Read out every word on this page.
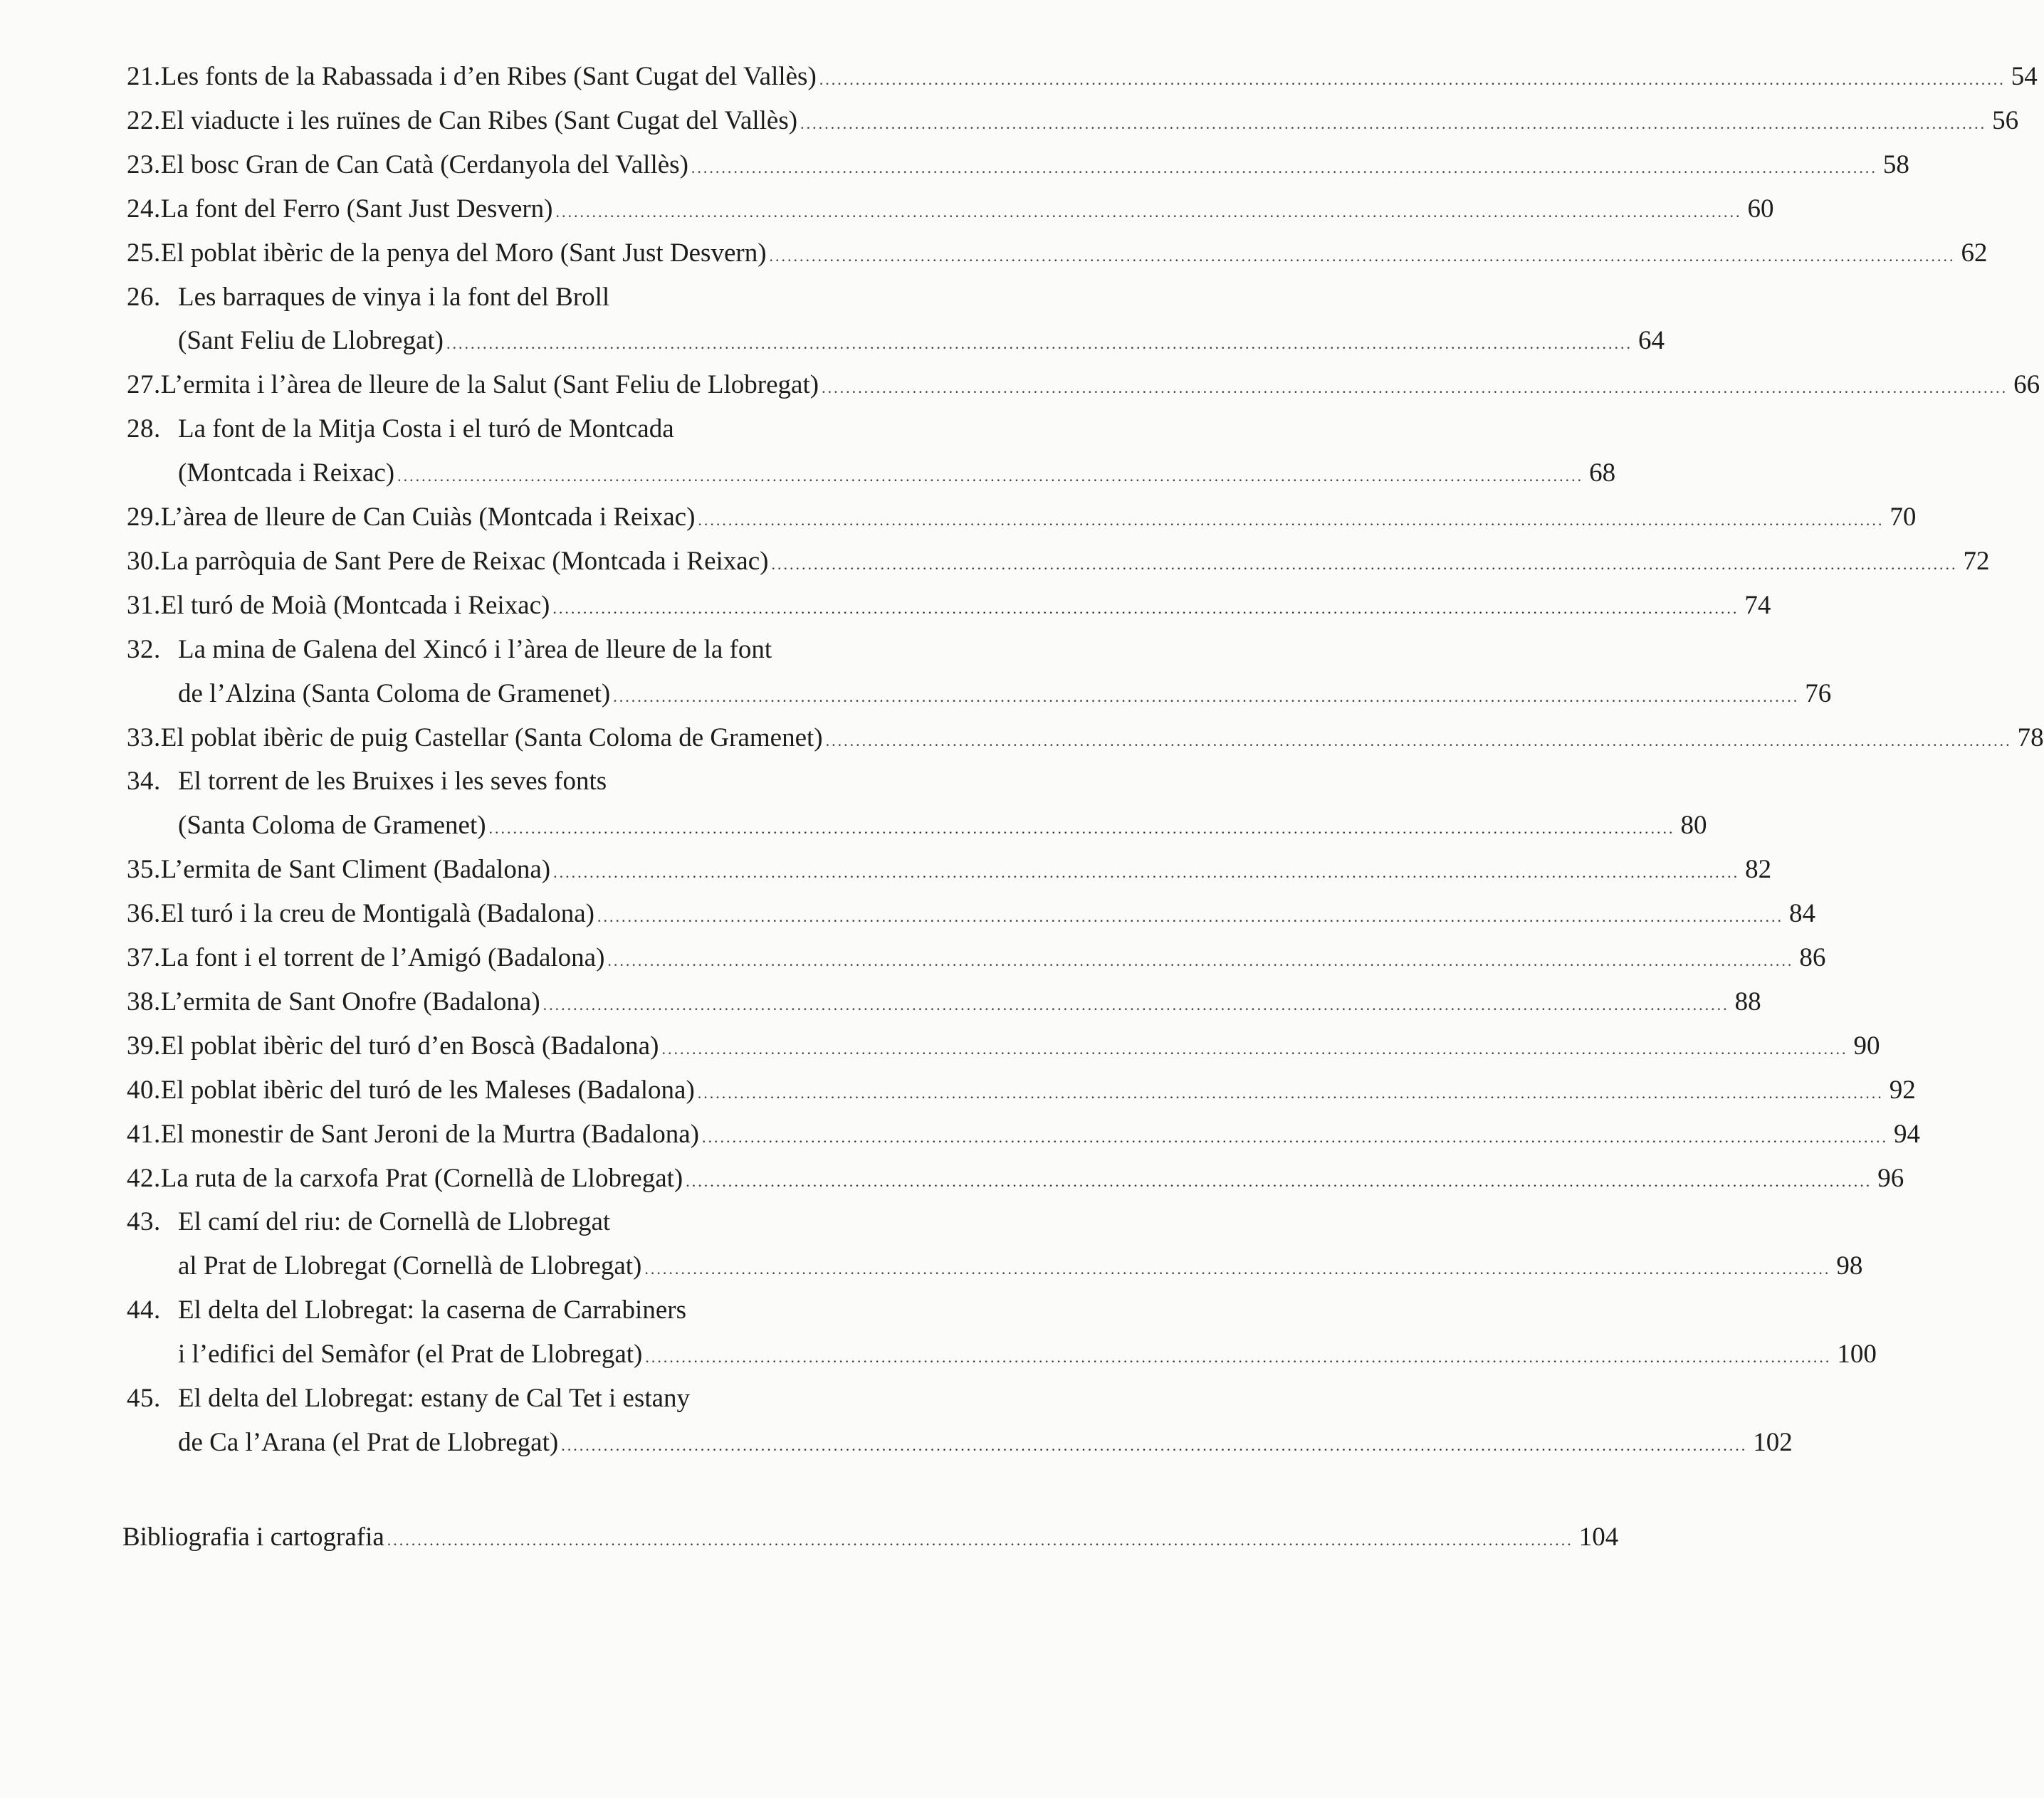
21. Les fonts de la Rabassada i d’en Ribes (Sant Cugat del Vallès) .....	54
22. El viaducte i les ruïnes de Can Ribes (Sant Cugat del Vallès) .....	56
23. El bosc Gran de Can Catà (Cerdanyola del Vallès) .....	58
24. La font del Ferro (Sant Just Desvern) .....	60
25. El poblat ibèric de la penya del Moro (Sant Just Desvern) .....	62
26. Les barraques de vinya i la font del Broll
(Sant Feliu de Llobregat) .....	64
27. L’ermita i l’àrea de lleure de la Salut (Sant Feliu de Llobregat) .....	66
28. La font de la Mitja Costa i el turó de Montcada
(Montcada i Reixac) .....	68
29. L’àrea de lleure de Can Cuiàs (Montcada i Reixac) .....	70
30. La parròquia de Sant Pere de Reixac (Montcada i Reixac) .....	72
31. El turó de Moià (Montcada i Reixac) .....	74
32. La mina de Galena del Xincó i l’àrea de lleure de la font
de l’Alzina (Santa Coloma de Gramenet) .....	76
33. El poblat ibèric de puig Castellar (Santa Coloma de Gramenet) .....	78
34. El torrent de les Bruixes i les seves fonts
(Santa Coloma de Gramenet) .....	80
35. L’ermita de Sant Climent (Badalona) .....	82
36. El turó i la creu de Montigalà (Badalona) .....	84
37. La font i el torrent de l’Amigó (Badalona) .....	86
38. L’ermita de Sant Onofre (Badalona) .....	88
39. El poblat ibèric del turó d’en Boscà (Badalona) .....	90
40. El poblat ibèric del turó de les Maleses (Badalona) .....	92
41. El monestir de Sant Jeroni de la Murtra (Badalona) .....	94
42. La ruta de la carxofa Prat (Cornellà de Llobregat) .....	96
43. El camí del riu: de Cornellà de Llobregat
al Prat de Llobregat (Cornellà de Llobregat) .....	98
44. El delta del Llobregat: la caserna de Carrabiners
i l’edifici del Semàfor (el Prat de Llobregat) .....	100
45. El delta del Llobregat: estany de Cal Tet i estany
de Ca l’Arana (el Prat de Llobregat) .....	102
Bibliografia i cartografia .....	104
